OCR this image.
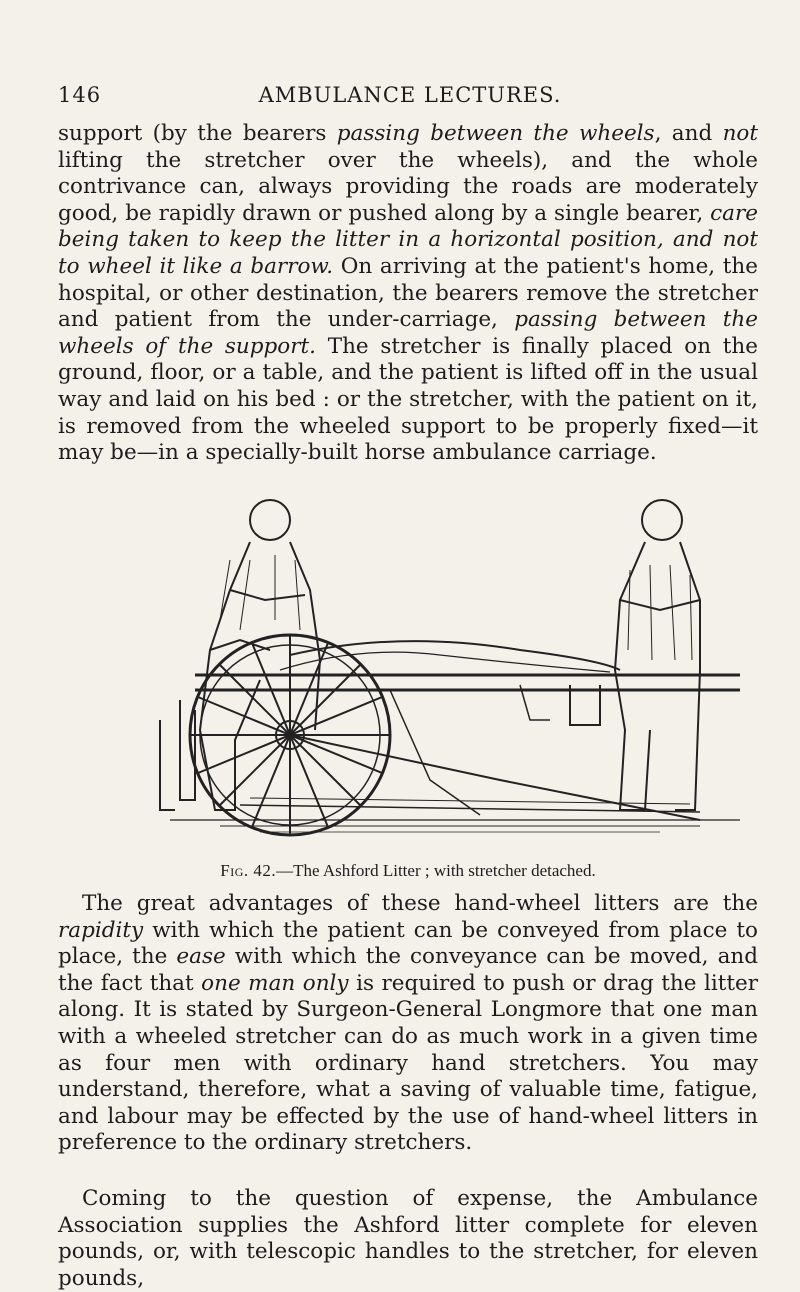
146	AMBULANCE LECTURES.
support (by the bearers passing between the wheels, and not lifting the stretcher over the wheels), and the whole contrivance can, always providing the roads are moderately good, be rapidly drawn or pushed along by a single bearer, care being taken to keep the litter in a horizontal position, and not to wheel it like a barrow. On arriving at the patient's home, the hospital, or other destination, the bearers remove the stretcher and patient from the under-carriage, passing between the wheels of the support. The stretcher is finally placed on the ground, floor, or a table, and the patient is lifted off in the usual way and laid on his bed : or the stretcher, with the patient on it, is removed from the wheeled support to be properly fixed—it may be—in a specially-built horse ambulance carriage.
Fig. 42.—The Ashford Litter ; with stretcher detached.
The great advantages of these hand-wheel litters are the rapidity with which the patient can be conveyed from place to place, the ease with which the conveyance can be moved, and the fact that one man only is required to push or drag the litter along. It is stated by Surgeon-General Longmore that one man with a wheeled stretcher can do as much work in a given time as four men with ordinary hand stretchers. You may understand, therefore, what a saving of valuable time, fatigue, and labour may be effected by the use of hand-wheel litters in preference to the ordinary stretchers.
Coming to the question of expense, the Ambulance Association supplies the Ashford litter complete for eleven pounds, or, with telescopic handles to the stretcher, for eleven pounds,
